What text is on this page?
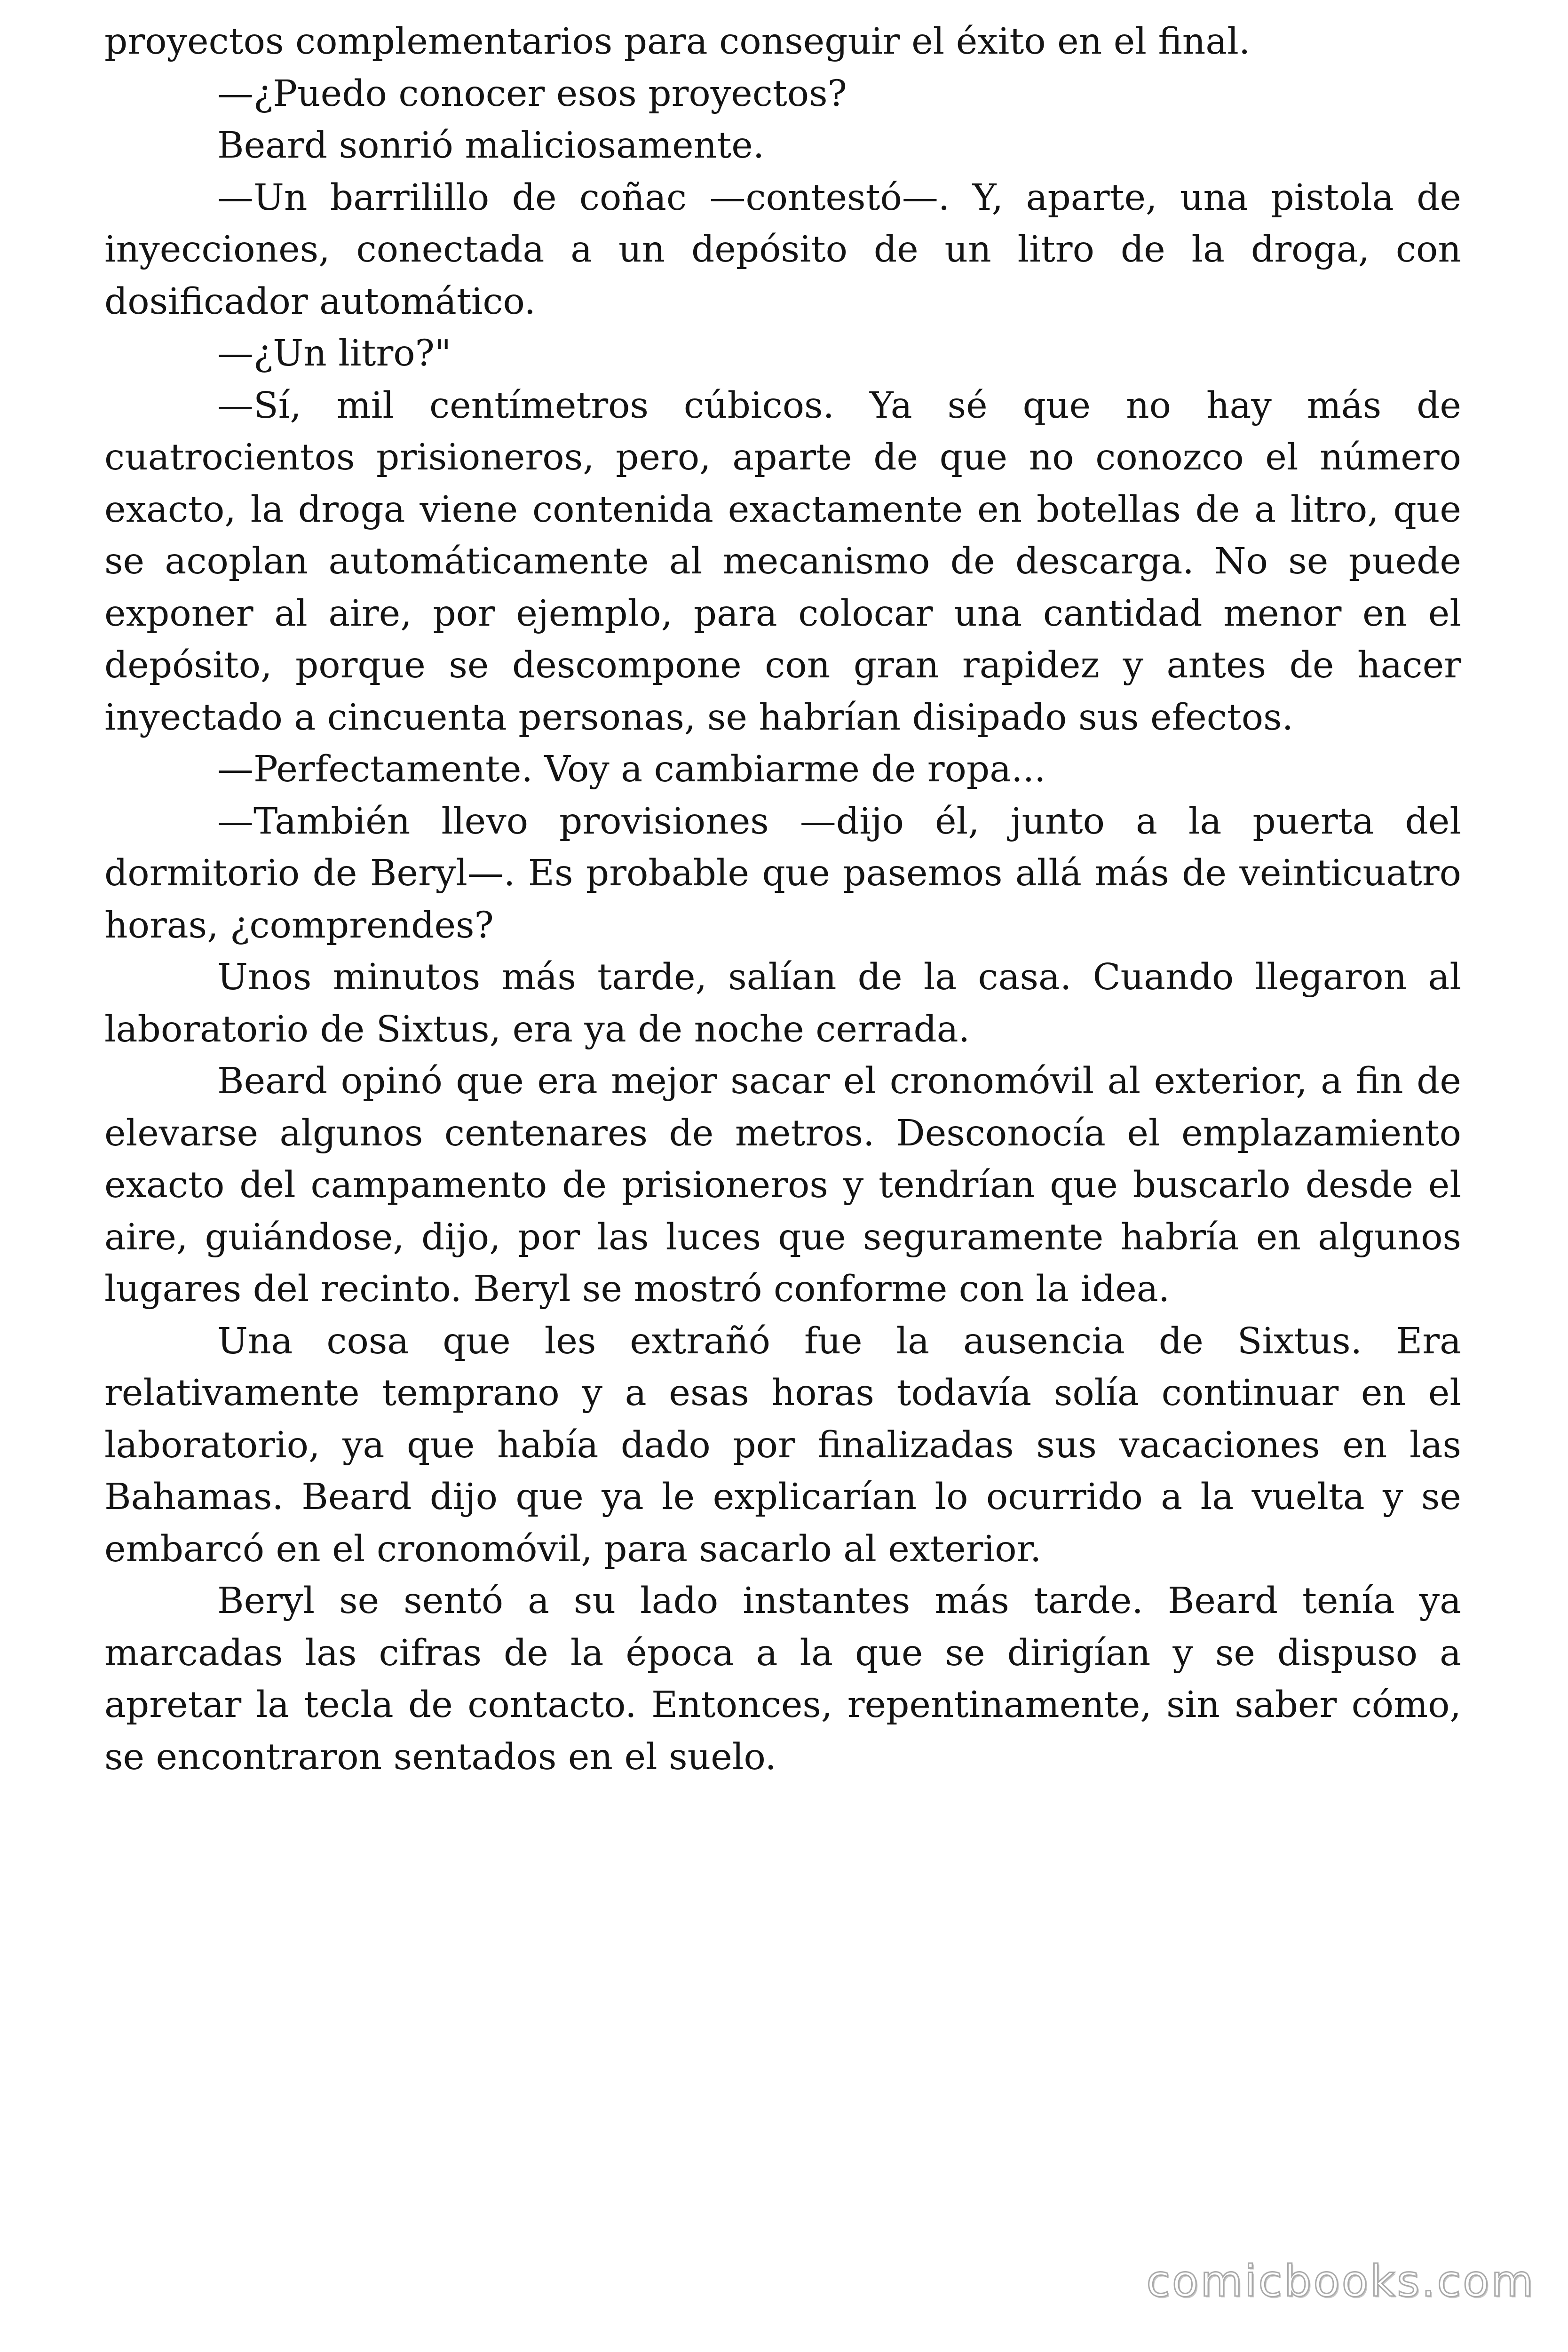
proyectos complementarios para conseguir el éxito en el final.

—¿Puedo conocer esos proyectos?

Beard sonrió maliciosamente.

—Un barrilillo de coñac —contestó—. Y, aparte, una pistola de inyecciones, conectada a un depósito de un litro de la droga, con dosificador automático.

—¿Un litro?"

—Sí, mil centímetros cúbicos. Ya sé que no hay más de cuatrocientos prisioneros, pero, aparte de que no conozco el número exacto, la droga viene contenida exactamente en botellas de a litro, que se acoplan automáticamente al mecanismo de descarga. No se puede exponer al aire, por ejemplo, para colocar una cantidad menor en el depósito, porque se descompone con gran rapidez y antes de hacer inyectado a cincuenta personas, se habrían disipado sus efectos.

—Perfectamente. Voy a cambiarme de ropa...

—También llevo provisiones —dijo él, junto a la puerta del dormitorio de Beryl—. Es probable que pasemos allá más de veinticuatro horas, ¿comprendes?

Unos minutos más tarde, salían de la casa. Cuando llegaron al laboratorio de Sixtus, era ya de noche cerrada.

Beard opinó que era mejor sacar el cronomóvil al exterior, a fin de elevarse algunos centenares de metros. Desconocía el emplazamiento exacto del campamento de prisioneros y tendrían que buscarlo desde el aire, guiándose, dijo, por las luces que seguramente habría en algunos lugares del recinto. Beryl se mostró conforme con la idea.

Una cosa que les extrañó fue la ausencia de Sixtus. Era relativamente temprano y a esas horas todavía solía continuar en el laboratorio, ya que había dado por finalizadas sus vacaciones en las Bahamas. Beard dijo que ya le explicarían lo ocurrido a la vuelta y se embarcó en el cronomóvil, para sacarlo al exterior.

Beryl se sentó a su lado instantes más tarde. Beard tenía ya marcadas las cifras de la época a la que se dirigían y se dispuso a apretar la tecla de contacto. Entonces, repentinamente, sin saber cómo, se encontraron sentados en el suelo.

comicbooks.com
